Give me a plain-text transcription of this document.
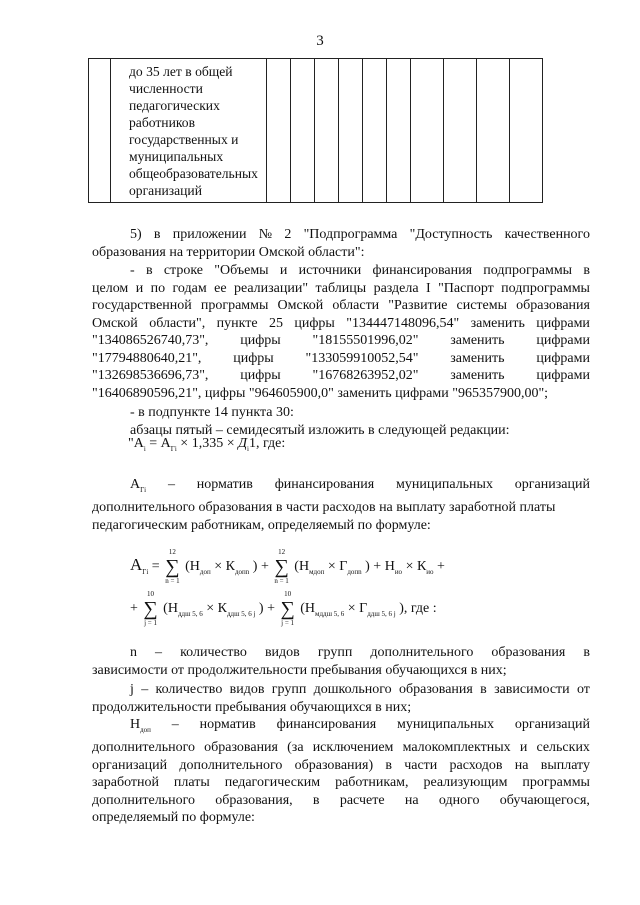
3

до 35 лет в общей
численности
педагогических
работников
государственных и
муниципальных
общеобразовательных
организаций

5) в приложении № 2 "Подпрограмма "Доступность качественного
образования на территории Омской области":
- в строке "Объемы и источники финансирования подпрограммы в
целом и по годам ее реализации" таблицы раздела I "Паспорт подпрограммы
государственной программы Омской области "Развитие системы образования
Омской области", пункте 25 цифры "134447148096,54" заменить цифрами
"134086526740,73", цифры "18155501996,02" заменить цифрами
"17794880640,21", цифры "133059910052,54" заменить цифрами
"132698536696,73", цифры "16768263952,02" заменить цифрами
"16406890596,21", цифры "964605900,0" заменить цифрами "965357900,00";
- в подпункте 14 пункта 30:
абзацы пятый – семидесятый изложить в следующей редакции:
"$А_i = А_{Гi} \times 1,335 \times Д_i1$, где:
$А_{Гi}$ – норматив финансирования муниципальных организаций
дополнительного образования в части расходов на выплату заработной платы
педагогическим работникам, определяемый по формуле:
$А_{Гi}$ =
12
∑
n = 1
($Н_{доп} \times К_{допn}$ ) +
12
∑
n = 1
($Н_{мдоп} \times Г_{допn}$ ) + $Н_{ио} \times К_{ио}$ +
+
10
∑
j = 1
($Н_{ддш 5, 6} \times К_{ддш 5, 6 j}$ ) +
10
∑
j = 1
($Н_{мддш 5, 6} \times Г_{ддш 5, 6 j}$ ), где :
n – количество видов групп дополнительного образования в
зависимости от продолжительности пребывания обучающихся в них;
j – количество видов групп дошкольного образования в зависимости от
продолжительности пребывания обучающихся в них;
$Н_{доп}$ – норматив финансирования муниципальных организаций
дополнительного образования (за исключением малокомплектных и сельских
организаций дополнительного образования) в части расходов на выплату
заработной платы педагогическим работникам, реализующим программы
дополнительного образования, в расчете на одного обучающегося,
определяемый по формуле:
